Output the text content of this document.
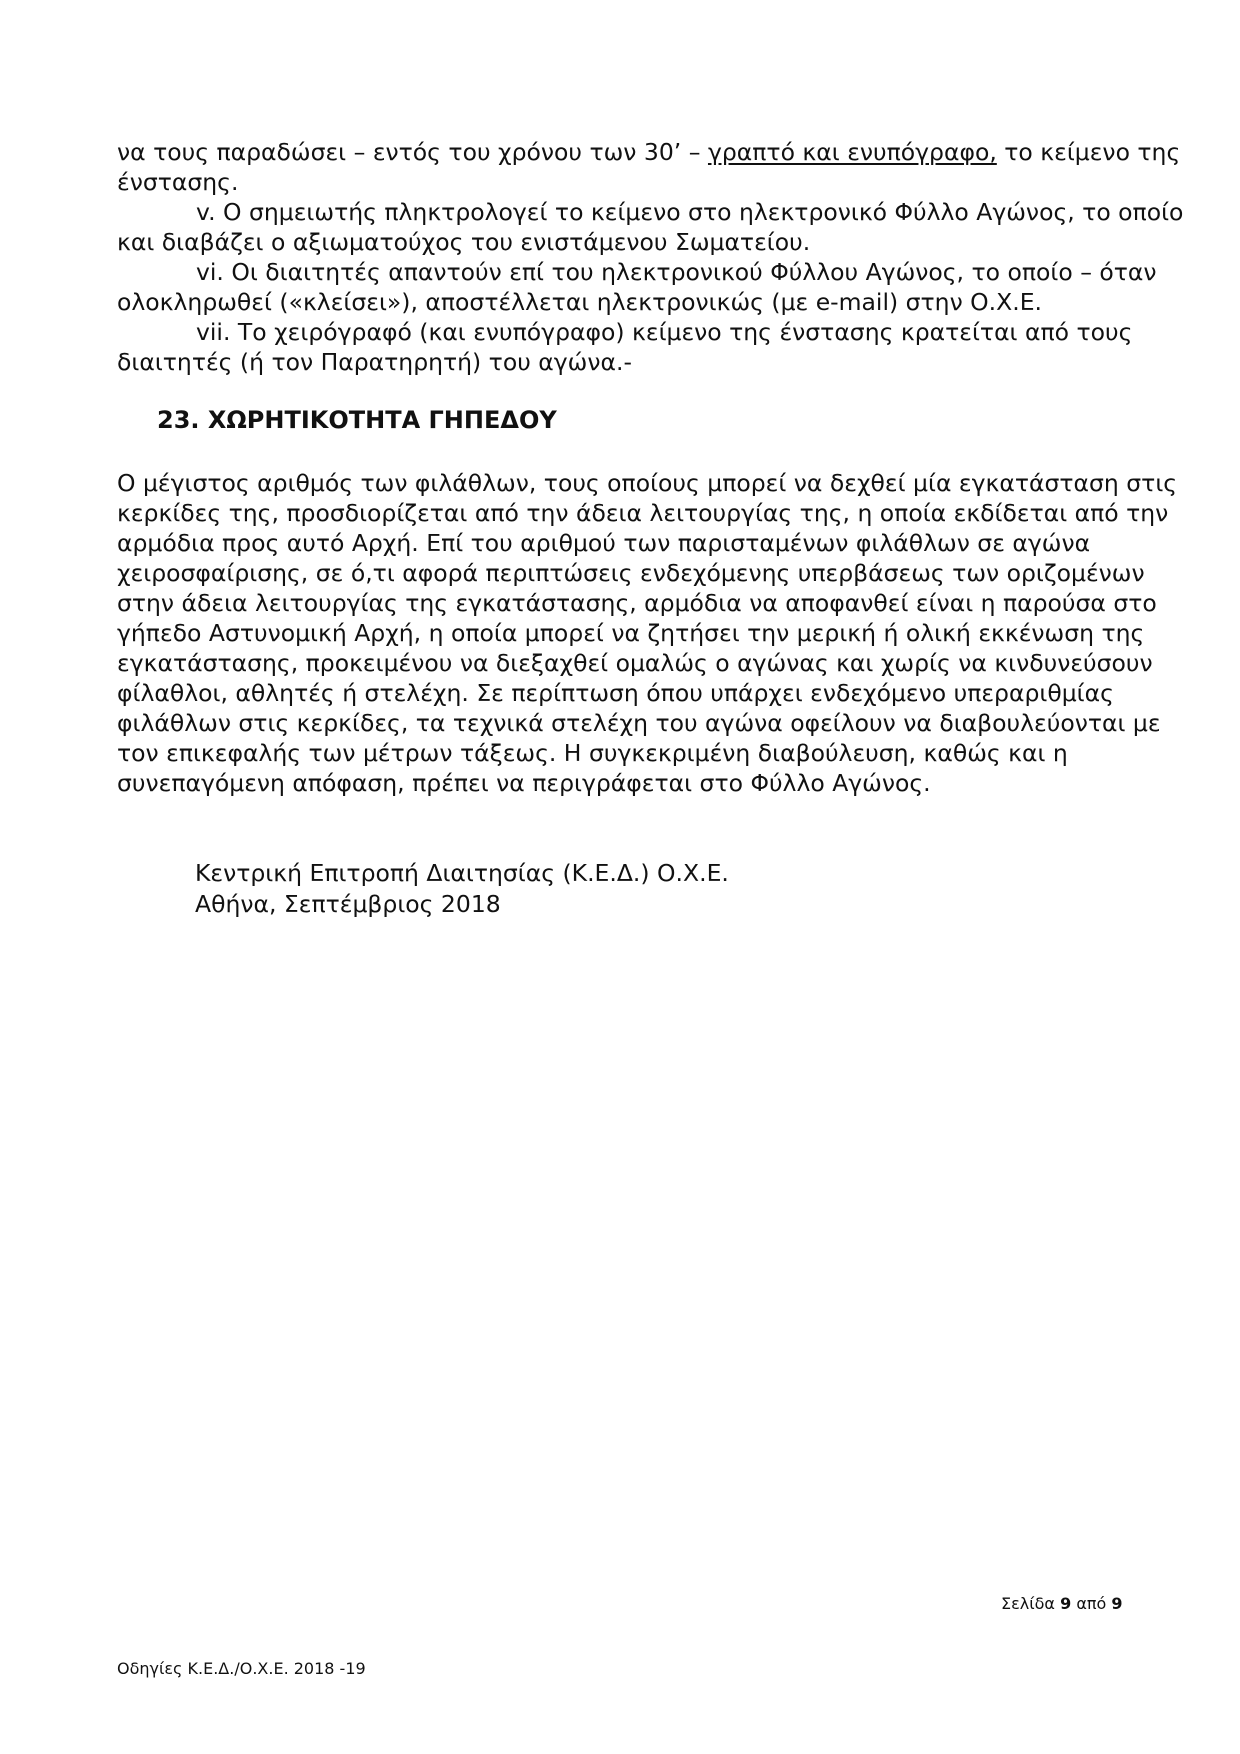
να τους παραδώσει – εντός του χρόνου των 30’ – γραπτό και ενυπόγραφο, το κείμενο της
ένστασης.
v. Ο σημειωτής πληκτρολογεί το κείμενο στο ηλεκτρονικό Φύλλο Αγώνος, το οποίο
και διαβάζει ο αξιωματούχος του ενιστάμενου Σωματείου.
vi. Οι διαιτητές απαντούν επί του ηλεκτρονικού Φύλλου Αγώνος, το οποίο – όταν
ολοκληρωθεί («κλείσει»), αποστέλλεται ηλεκτρονικώς (με e-mail) στην Ο.Χ.Ε.
vii. Το χειρόγραφό (και ενυπόγραφο) κείμενο της ένστασης κρατείται από τους
διαιτητές (ή τον Παρατηρητή) του αγώνα.-
23. ΧΩΡΗΤΙΚΟΤΗΤΑ ΓΗΠΕΔΟΥ
Ο μέγιστος αριθμός των φιλάθλων, τους οποίους μπορεί να δεχθεί μία εγκατάσταση στις
κερκίδες της, προσδιορίζεται από την άδεια λειτουργίας της, η οποία εκδίδεται από την
αρμόδια προς αυτό Αρχή. Επί του αριθμού των παρισταμένων φιλάθλων σε αγώνα
χειροσφαίρισης, σε ό,τι αφορά περιπτώσεις ενδεχόμενης υπερβάσεως των οριζομένων
στην άδεια λειτουργίας της εγκατάστασης, αρμόδια να αποφανθεί είναι η παρούσα στο
γήπεδο Αστυνομική Αρχή, η οποία μπορεί να ζητήσει την μερική ή ολική εκκένωση της
εγκατάστασης, προκειμένου να διεξαχθεί ομαλώς ο αγώνας και χωρίς να κινδυνεύσουν
φίλαθλοι, αθλητές ή στελέχη. Σε περίπτωση όπου υπάρχει ενδεχόμενο υπεραριθμίας
φιλάθλων στις κερκίδες, τα τεχνικά στελέχη του αγώνα οφείλουν να διαβουλεύονται με
τον επικεφαλής των μέτρων τάξεως. Η συγκεκριμένη διαβούλευση, καθώς και η
συνεπαγόμενη απόφαση, πρέπει να περιγράφεται στο Φύλλο Αγώνος.
Κεντρική Επιτροπή Διαιτησίας (Κ.Ε.Δ.) Ο.Χ.Ε.
Αθήνα, Σεπτέμβριος 2018
Σελίδα 9 από 9
Οδηγίες Κ.Ε.Δ./Ο.Χ.Ε. 2018 -19
